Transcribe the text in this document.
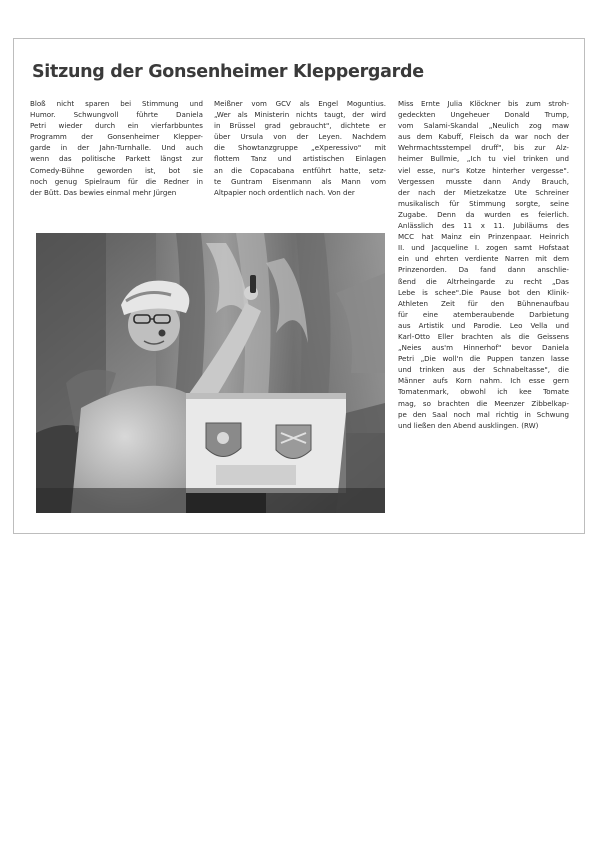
Sitzung der Gonsenheimer Kleppergarde
Bloß nicht sparen bei Stimmung und
Humor. Schwungvoll führte Daniela
Petri wieder durch ein vierfarbbuntes
Programm der Gonsenheimer Klepper-
garde in der Jahn-Turnhalle. Und auch
wenn das politische Parkett längst zur
Comedy-Bühne geworden ist, bot sie
noch genug Spielraum für die Redner in
der Bütt. Das bewies einmal mehr Jürgen
Meißner vom GCV als Engel Moguntius.
„Wer als Ministerin nichts taugt, der wird
in Brüssel grad gebraucht", dichtete er
über Ursula von der Leyen. Nachdem
die Showtanzgruppe „eXperessivo" mit
flottem Tanz und artistischen Einlagen
an die Copacabana entführt hatte, setz-
te Guntram Eisenmann als Mann vom
Altpapier noch ordentlich nach. Von der
Miss Ernte Julia Klöckner bis zum stroh-
gedeckten Ungeheuer Donald Trump,
vom Salami-Skandal „Neulich zog maw
aus dem Kabuff, Fleisch da war noch der
Wehrmachtsstempel druff", bis zur Alz-
heimer Bullmie, „Ich tu viel trinken und
viel esse, nur's Kotze hinterher vergesse".
Vergessen musste dann Andy Brauch,
der nach der Mietzekatze Ute Schreiner
musikalisch für Stimmung sorgte, seine
Zugabe. Denn da wurden es feierlich.
Anlässlich des 11 x 11. Jubiläums des
MCC hat Mainz ein Prinzenpaar. Heinrich
II. und Jacqueline I. zogen samt Hofstaat
ein und ehrten verdiente Narren mit dem
Prinzenorden. Da fand dann anschlie-
ßend die Altrheingarde zu recht „Das
Lebe is schee".Die Pause bot den Klinik-
Athleten Zeit für den Bühnenaufbau
für eine atemberaubende Darbietung
aus Artistik und Parodie. Leo Vella und
Karl-Otto Eller brachten als die Geissens
„Neies aus'm Hinnerhof" bevor Daniela
Petri „Die woll'n die Puppen tanzen lasse
und trinken aus der Schnabeltasse", die
Männer aufs Korn nahm. Ich esse gern
Tomatenmark, obwohl ich kee Tomate
mag, so brachten die Meenzer Zibbelkap-
pe den Saal noch mal richtig in Schwung
und ließen den Abend ausklingen. (RW)
